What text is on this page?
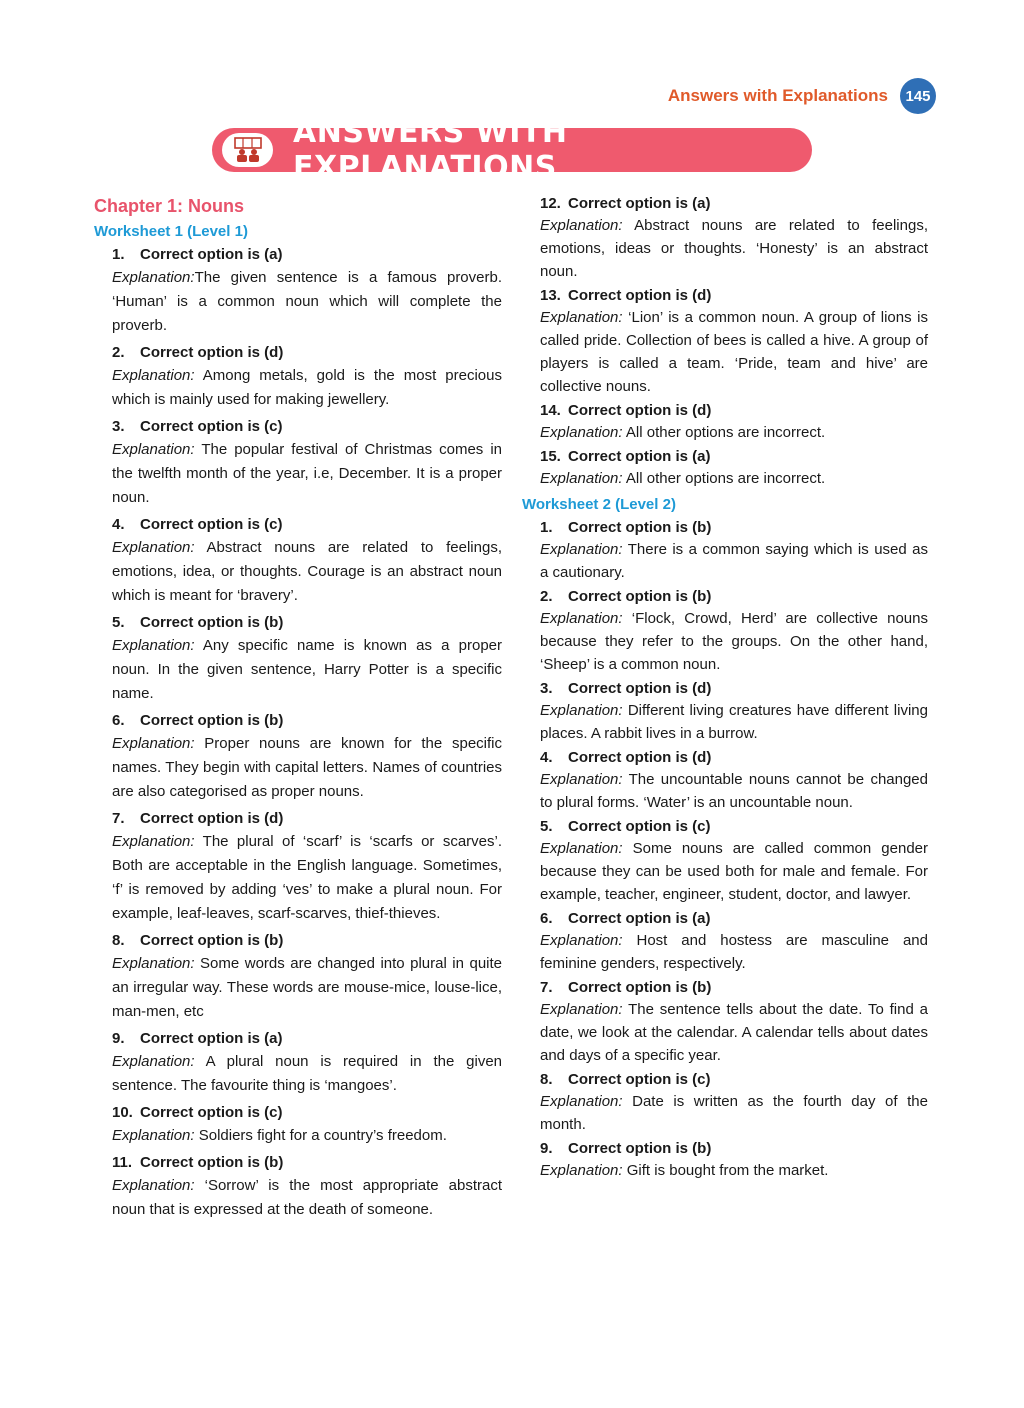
Answers with Explanations	145
ANSWERS WITH EXPLANATIONS
Chapter 1: Nouns
Worksheet 1 (Level 1)
1. Correct option is (a)
Explanation:The given sentence is a famous proverb. ‘Human’ is a common noun which will complete the proverb.
2. Correct option is (d)
Explanation: Among metals, gold is the most precious which is mainly used for making jewellery.
3. Correct option is (c)
Explanation: The popular festival of Christmas comes in the twelfth month of the year, i.e, December. It is a proper noun.
4. Correct option is (c)
Explanation: Abstract nouns are related to feelings, emotions, idea, or thoughts. Courage is an abstract noun which is meant for ‘bravery’.
5. Correct option is (b)
Explanation: Any specific name is known as a proper noun. In the given sentence, Harry Potter is a specific name.
6. Correct option is (b)
Explanation: Proper nouns are known for the specific names. They begin with capital letters. Names of countries are also categorised as proper nouns.
7. Correct option is (d)
Explanation: The plural of ‘scarf’ is ‘scarfs or scarves’. Both are acceptable in the English language. Sometimes, ‘f’ is removed by adding ‘ves’ to make a plural noun. For example, leaf-leaves, scarf-scarves, thief-thieves.
8. Correct option is (b)
Explanation: Some words are changed into plural in quite an irregular way. These words are mouse-mice, louse-lice, man-men, etc
9. Correct option is (a)
Explanation: A plural noun is required in the given sentence. The favourite thing is ‘mangoes’.
10. Correct option is (c)
Explanation: Soldiers fight for a country’s freedom.
11. Correct option is (b)
Explanation: ‘Sorrow’ is the most appropriate abstract noun that is expressed at the death of someone.
12. Correct option is (a)
Explanation: Abstract nouns are related to feelings, emotions, ideas or thoughts. ‘Honesty’ is an abstract noun.
13. Correct option is (d)
Explanation: ‘Lion’ is a common noun. A group of lions is called pride. Collection of bees is called a hive. A group of players is called a team. ‘Pride, team and hive’ are collective nouns.
14. Correct option is (d)
Explanation: All other options are incorrect.
15. Correct option is (a)
Explanation: All other options are incorrect.
Worksheet 2 (Level 2)
1. Correct option is (b)
Explanation: There is a common saying which is used as a cautionary.
2. Correct option is (b)
Explanation: ‘Flock, Crowd, Herd’ are collective nouns because they refer to the groups. On the other hand, ‘Sheep’ is a common noun.
3. Correct option is (d)
Explanation: Different living creatures have different living places. A rabbit lives in a burrow.
4. Correct option is (d)
Explanation: The uncountable nouns cannot be changed to plural forms. ‘Water’ is an uncountable noun.
5. Correct option is (c)
Explanation: Some nouns are called common gender because they can be used both for male and female. For example, teacher, engineer, student, doctor, and lawyer.
6. Correct option is (a)
Explanation: Host and hostess are masculine and feminine genders, respectively.
7. Correct option is (b)
Explanation: The sentence tells about the date. To find a date, we look at the calendar. A calendar tells about dates and days of a specific year.
8. Correct option is (c)
Explanation: Date is written as the fourth day of the month.
9. Correct option is (b)
Explanation: Gift is bought from the market.
